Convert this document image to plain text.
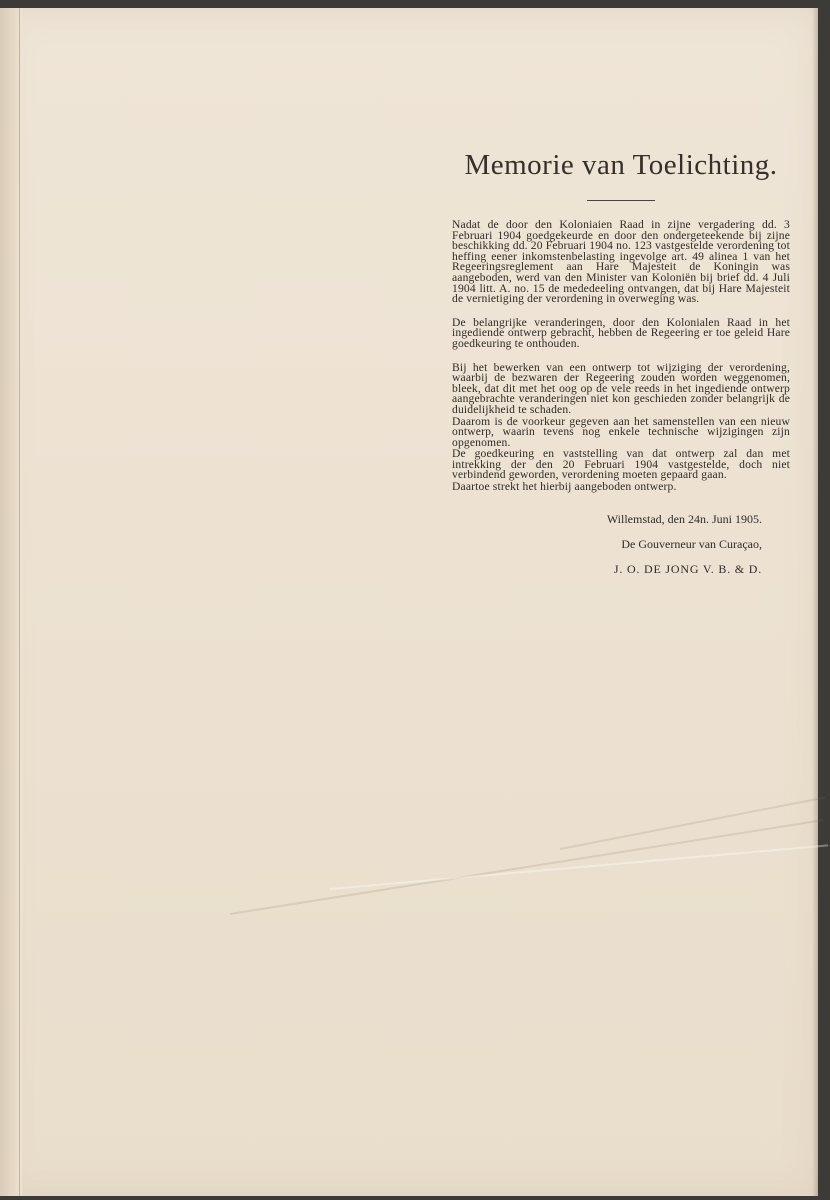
Memorie van Toelichting.

Nadat de door den Koloniaien Raad in zijne vergadering dd. 3 Februari 1904 goedgekeurde en door den ondergeteekende bij zijne beschikking dd. 20 Februari 1904 no. 123 vastgestelde verordening tot heffing eener inkomstenbelasting ingevolge art. 49 alinea 1 van het Regeeringsreglement aan Hare Majesteit de Koningin was aangeboden, werd van den Minister van Koloniën bij brief dd. 4 Juli 1904 litt. A. no. 15 de mededeeling ontvangen, dat bij Hare Majesteit de vernietiging der verordening in overweging was.

De belangrijke veranderingen, door den Kolonialen Raad in het ingediende ontwerp gebracht, hebben de Regeering er toe geleid Hare goedkeuring te onthouden.

Bij het bewerken van een ontwerp tot wijziging der verordening, waarbij de bezwaren der Regeering zouden worden weggenomen, bleek, dat dit met het oog op de vele reeds in het ingediende ontwerp aangebrachte veranderingen niet kon geschieden zonder belangrijk de duidelijkheid te schaden.

Daarom is de voorkeur gegeven aan het samenstellen van een nieuw ontwerp, waarin tevens nog enkele technische wijzigingen zijn opgenomen.

De goedkeuring en vaststelling van dat ontwerp zal dan met intrekking der den 20 Februari 1904 vastgestelde, doch niet verbindend geworden, verordening moeten gepaard gaan.

Daartoe strekt het hierbij aangeboden ontwerp.

Willemstad, den 24n. Juni 1905.
De Gouverneur van Curaçao,
J. O. DE JONG V. B. & D.
